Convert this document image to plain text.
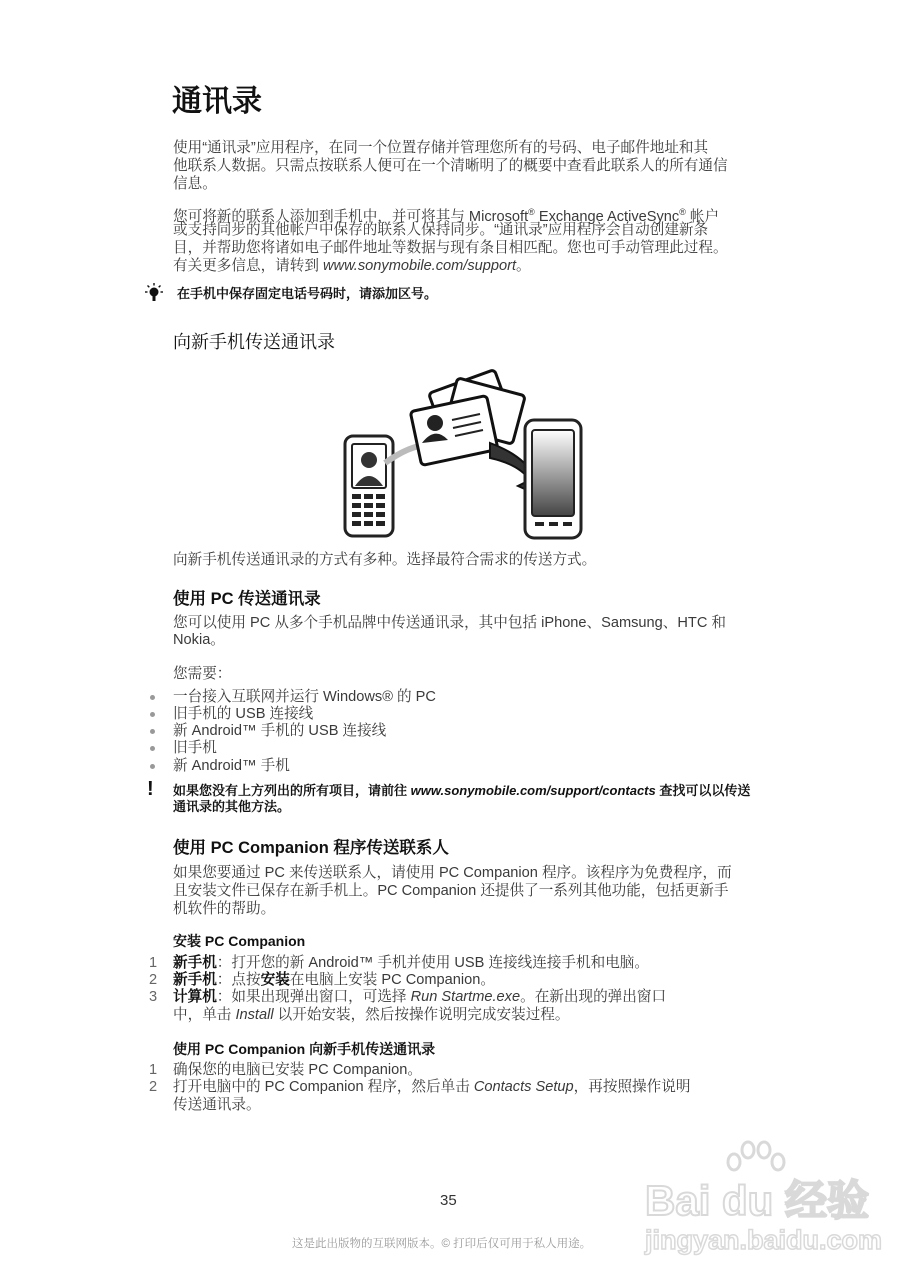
通讯录
使用“通讯录”应用程序，在同一个位置存储并管理您所有的号码、电子邮件地址和其
他联系人数据。只需点按联系人便可在一个清晰明了的概要中查看此联系人的所有通信
信息。
您可将新的联系人添加到手机中，并可将其与 Microsoft® Exchange ActiveSync® 帐户
或支持同步的其他帐户中保存的联系人保持同步。“通讯录”应用程序会自动创建新条
目，并帮助您将诸如电子邮件地址等数据与现有条目相匹配。您也可手动管理此过程。
有关更多信息，请转到 www.sonymobile.com/support。
在手机中保存固定电话号码时，请添加区号。
向新手机传送通讯录
向新手机传送通讯录的方式有多种。选择最符合需求的传送方式。
使用 PC 传送通讯录
您可以使用 PC 从多个手机品牌中传送通讯录，其中包括 iPhone、Samsung、HTC 和
Nokia。
您需要：
一台接入互联网并运行 Windows® 的 PC
旧手机的 USB 连接线
新 Android™ 手机的 USB 连接线
旧手机
新 Android™ 手机
! 如果您没有上方列出的所有项目，请前往 www.sonymobile.com/support/contacts 查找可以以传送
通讯录的其他方法。
使用 PC Companion 程序传送联系人
如果您要通过 PC 来传送联系人，请使用 PC Companion 程序。该程序为免费程序，而
且安装文件已保存在新手机上。PC Companion 还提供了一系列其他功能，包括更新手
机软件的帮助。
安装 PC Companion
1 新手机：打开您的新 Android™ 手机并使用 USB 连接线连接手机和电脑。
2 新手机：点按安装在电脑上安装 PC Companion。
3 计算机：如果出现弹出窗口，可选择 Run Startme.exe。在新出现的弹出窗口
中，单击 Install 以开始安装，然后按操作说明完成安装过程。
使用 PC Companion 向新手机传送通讯录
1 确保您的电脑已安装 PC Companion。
2 打开电脑中的 PC Companion 程序，然后单击 Contacts Setup，再按照操作说明
传送通讯录。
35
这是此出版物的互联网版本。© 打印后仅可用于私人用途。
Bai du 经验
jingyan.baidu.com
